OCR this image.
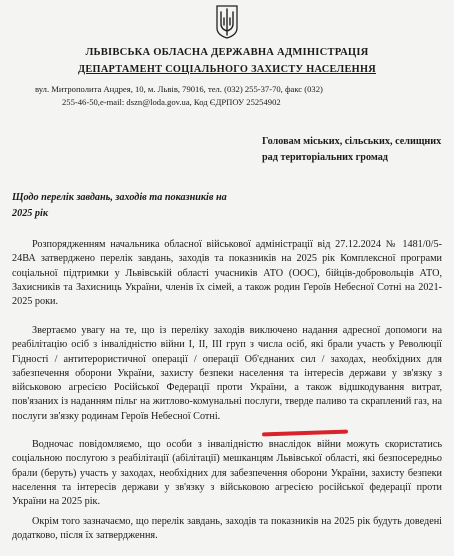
ЛЬВІВСЬКА ОБЛАСНА ДЕРЖАВНА АДМІНІСТРАЦІЯ
ДЕПАРТАМЕНТ СОЦІАЛЬНОГО ЗАХИСТУ НАСЕЛЕННЯ
вул. Митрополита Андрея, 10, м. Львів, 79016, тел. (032) 255-37-70, факс (032)
255-46-50,e-mail: dszn@loda.gov.ua, Код ЄДРПОУ 25254902
Головам міських, сільських, селищних рад територіальних громад
Щодо перелік завдань, заходів та показників на 2025 рік
Розпорядженням начальника обласної військової адміністрації від 27.12.2024 № 1481/0/5-24ВА затверджено перелік завдань, заходів та показників на 2025 рік Комплексної програми соціальної підтримки у Львівській області учасників АТО (ООС), бійців-добровольців АТО, Захисників та Захисниць України, членів їх сімей, а також родин Героїв Небесної Сотні на 2021- 2025 роки.
Звертаємо увагу на те, що із переліку заходів виключено надання адресної допомоги на реабілітацію осіб з інвалідністю війни І, ІІ, ІІІ груп з числа осіб, які брали участь у Революції Гідності / антитерористичної операції / операції Об'єднаних сил / заходах, необхідних для забезпечення оборони України, захисту безпеки населення та інтересів держави у зв'язку з військовою агресією Російської Федерації проти України, а також відшкодування витрат, пов'язаних із наданням пільг на житлово-комунальні послуги, тверде паливо та скраплений газ, на послуги зв'язку родинам Героїв Небесної Сотні.
Водночас повідомляємо, що особи з інвалідністю внаслідок війни можуть скористатись соціальною послугою з реабілітації (абілітації) мешканцям Львівської області, які безпосередньо брали (беруть) участь у заходах, необхідних для забезпечення оборони України, захисту безпеки населення та інтересів держави у зв'язку з військовою агресією російської федерації проти України на 2025 рік.
Окрім того зазначаємо, що перелік завдань, заходів та показників на 2025 рік будуть доведені додатково, після їх затвердження.
